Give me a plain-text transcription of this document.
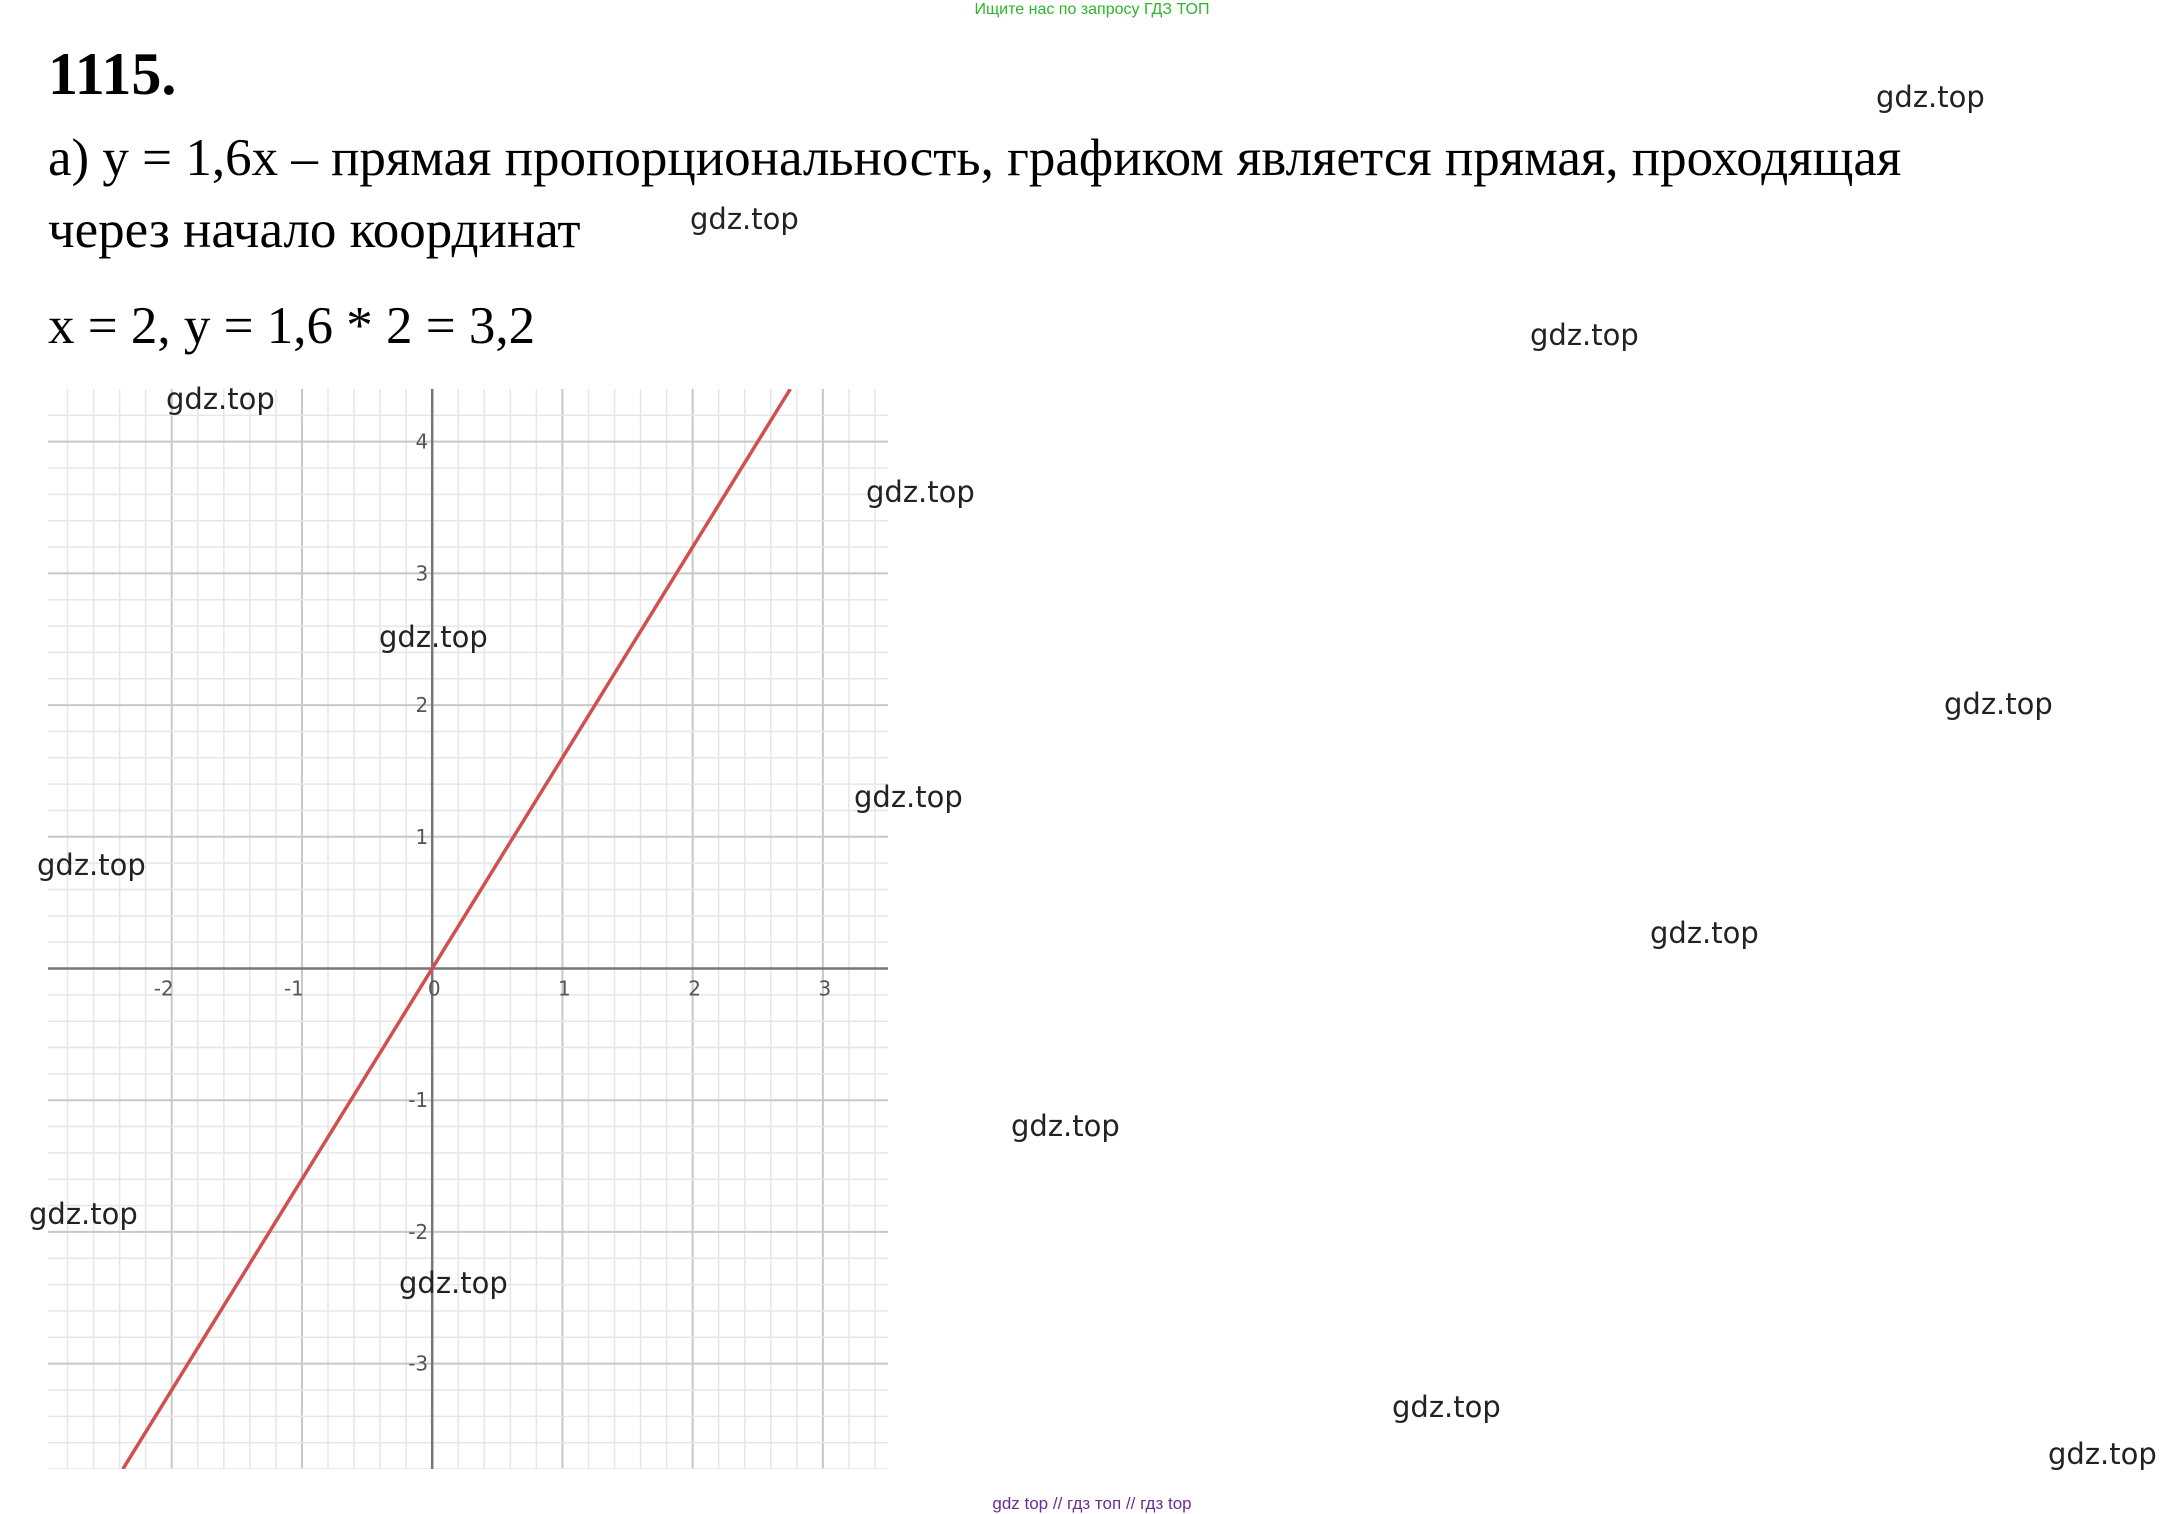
Ищите нас по запросу ГДЗ ТОП
1115.
а) y = 1,6x – прямая пропорциональность, графиком является прямая, проходящая
через начало координат
x = 2, y = 1,6 * 2 = 3,2
-2	-1	0	1	2	3
4
3
2
1
-1
-2
-3
gdz.top
gdz.top
gdz.top
gdz.top
gdz.top
gdz.top
gdz.top
gdz.top
gdz.top
gdz.top
gdz.top
gdz.top
gdz.top
gdz.top
gdz.top
gdz top // гдз топ // гдз top
